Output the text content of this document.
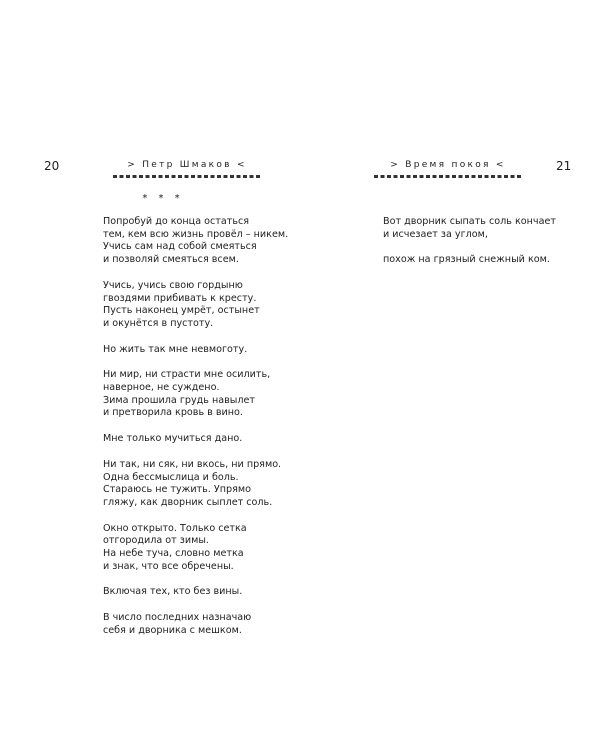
20	> Петр Шмаков <
* * *
Попробуй до конца остаться
тем, кем всю жизнь провёл – никем.
Учись сам над собой смеяться
и позволяй смеяться всем.
Учись, учись свою гордыню
гвоздями прибивать к кресту.
Пусть наконец умрёт, остынет
и окунётся в пустоту.
Но жить так мне невмоготу.
Ни мир, ни страсти мне осилить,
наверное, не суждено.
Зима прошила грудь навылет
и претворила кровь в вино.
Мне только мучиться дано.
Ни так, ни сяк, ни вкось, ни прямо.
Одна бессмыслица и боль.
Стараюсь не тужить. Упрямо
гляжу, как дворник сыплет соль.
Окно открыто. Только сетка
отгородила от зимы.
На небе туча, словно метка
и знак, что все обречены.
Включая тех, кто без вины.
В число последних назначаю
себя и дворника с мешком.
21
> Время покоя <
Вот дворник сыпать соль кончает
и исчезает за углом,
похож на грязный снежный ком.
